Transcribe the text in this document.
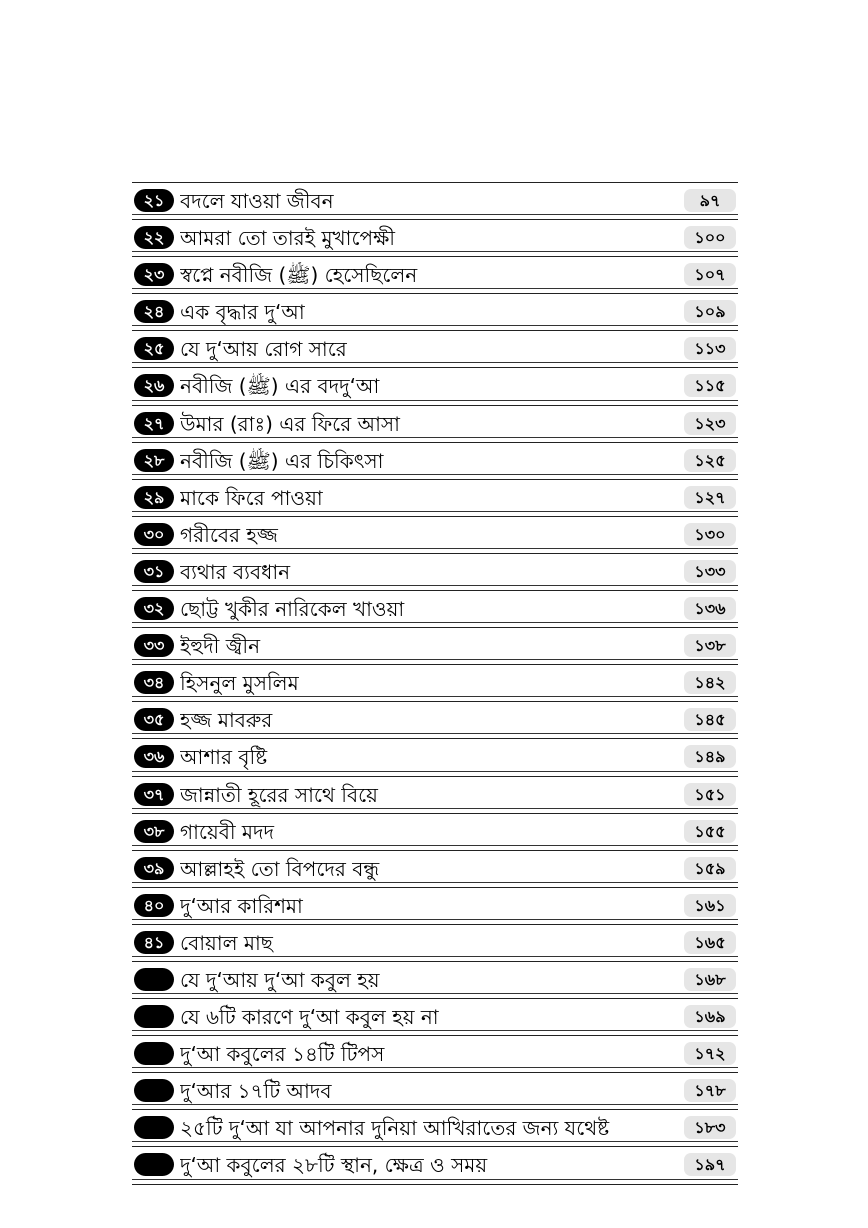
২১ বদলে যাওয়া জীবন	৯৭
২২ আমরা তো তারই মুখাপেক্ষী	১০০
২৩ স্বপ্নে নবীজি (ﷺ) হেসেছিলেন	১০৭
২৪ এক বৃদ্ধার দু‘আ	১০৯
২৫ যে দু‘আয় রোগ সারে	১১৩
২৬ নবীজি (ﷺ) এর বদদু‘আ	১১৫
২৭ উমার (রাঃ) এর ফিরে আসা	১২৩
২৮ নবীজি (ﷺ) এর চিকিৎসা	১২৫
২৯ মাকে ফিরে পাওয়া	১২৭
৩০ গরীবের হজ্জ	১৩০
৩১ ব্যথার ব্যবধান	১৩৩
৩২ ছোট্ট খুকীর নারিকেল খাওয়া	১৩৬
৩৩ ইহুদী জ্বীন	১৩৮
৩৪ হিসনুল মুসলিম	১৪২
৩৫ হজ্জ মাবরুর	১৪৫
৩৬ আশার বৃষ্টি	১৪৯
৩৭ জান্নাতী হূরের সাথে বিয়ে	১৫১
৩৮ গায়েবী মদদ	১৫৫
৩৯ আল্লাহই তো বিপদের বন্ধু	১৫৯
৪০ দু‘আর কারিশমা	১৬১
৪১ বোয়াল মাছ	১৬৫
যে দু‘আয় দু‘আ কবুল হয়	১৬৮
যে ৬টি কারণে দু‘আ কবুল হয় না	১৬৯
দু‘আ কবুলের ১৪টি টিপস	১৭২
দু‘আর ১৭টি আদব	১৭৮
২৫টি দু‘আ যা আপনার দুনিয়া আখিরাতের জন্য যথেষ্ট	১৮৩
দু‘আ কবুলের ২৮টি স্থান, ক্ষেত্র ও সময়	১৯৭
